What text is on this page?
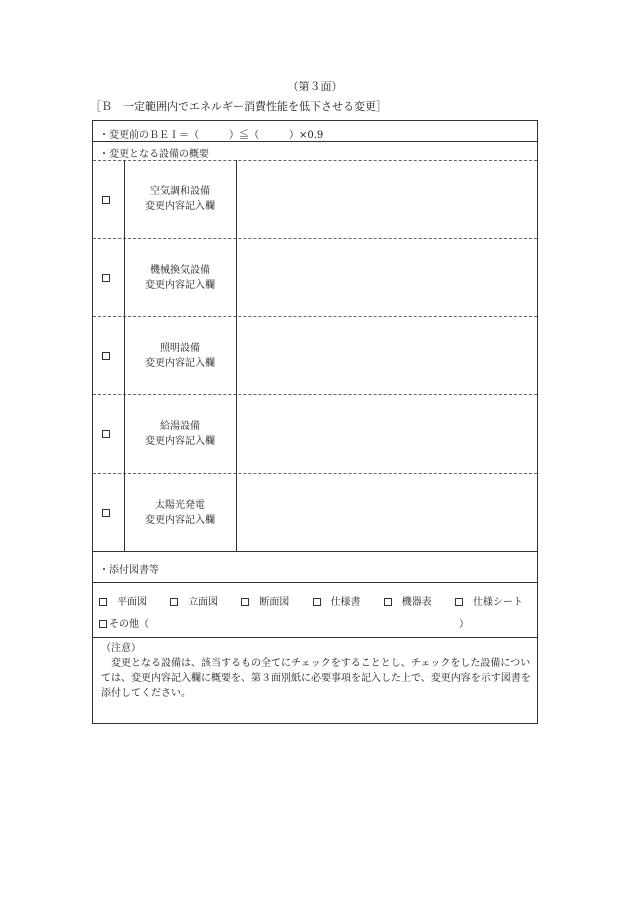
（第３面）
［Ｂ　一定範囲内でエネルギー消費性能を低下させる変更］
・変更前のＢＥＩ＝（　　　）≦（　　　）×0.9
・変更となる設備の概要
空気調和設備
変更内容記入欄
機械換気設備
変更内容記入欄
照明設備
変更内容記入欄
給湯設備
変更内容記入欄
太陽光発電
変更内容記入欄
・添付図書等
平面図	立面図	断面図	仕様書	機器表	仕様シート
その他（	）
（注意）
変更となる設備は、該当するもの全てにチェックをすることとし、チェックをした設備については、変更内容記入欄に概要を、第３面別紙に必要事項を記入した上で、変更内容を示す図書を添付してください。
